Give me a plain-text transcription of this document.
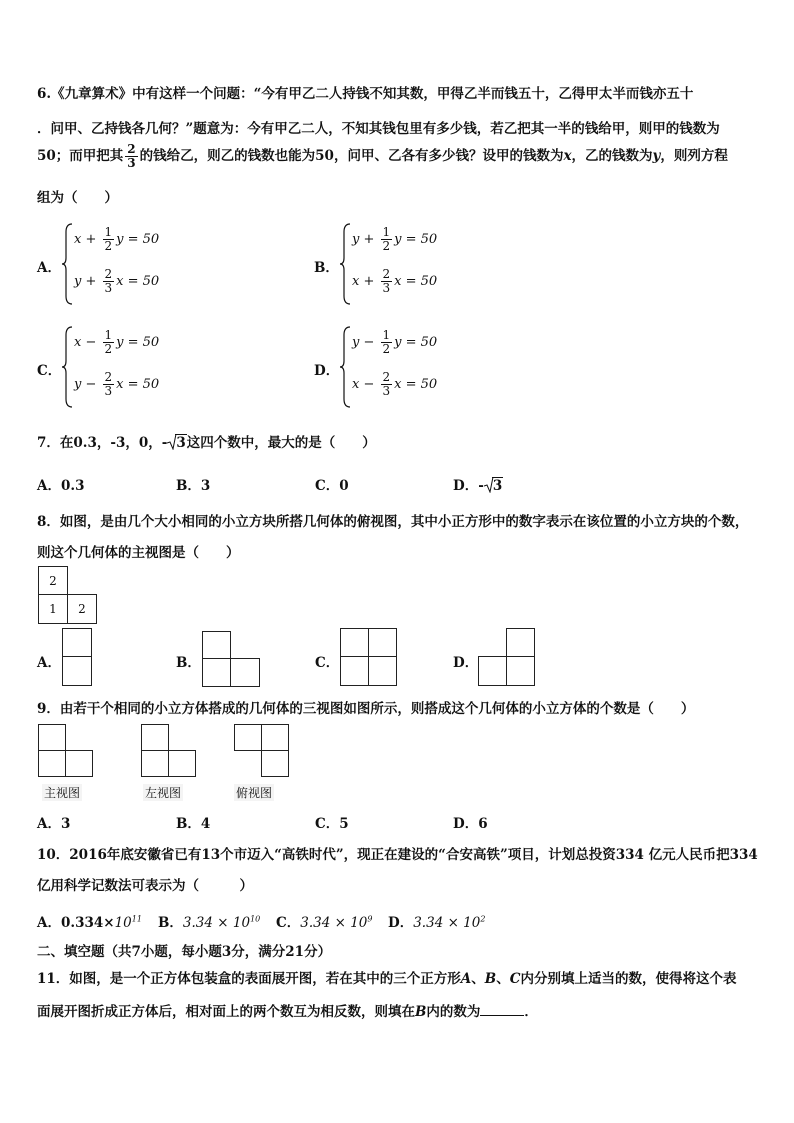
6.《九章算术》中有这样一个问题：“今有甲乙二人持钱不知其数，甲得乙半而钱五十，乙得甲太半而钱亦五十
．问甲、乙持钱各几何？”题意为：今有甲乙二人，不知其钱包里有多少钱，若乙把其一半的钱给甲，则甲的钱数为
50；而甲把其 $\frac{2}{3}$ 的钱给乙，则乙的钱数也能为50，问甲、乙各有多少钱？设甲的钱数为x，乙的钱数为y，则列方程
组为（　　）
A．
$x + \frac{1}{2}$ y = 50
$y + \frac{2}{3}$ x = 50
B．
$y + \frac{1}{2}$ y = 50
$x + \frac{2}{3}$ x = 50
C．
$x - \frac{1}{2}$ y = 50
$y - \frac{2}{3}$ x = 50
D．
$y - \frac{1}{2}$ y = 50
$x - \frac{2}{3}$ x = 50
7．在0.3，-3，0，- 3这四个数中，最大的是（　　）
A．0.3	B．3	C．0	D．- 3
8．如图，是由几个大小相同的小立方块所搭几何体的俯视图，其中小正方形中的数字表示在该位置的小立方块的个数，
则这个几何体的主视图是（　　）
2
1	2
A．	B．	C．	D．
9．由若干个相同的小立方体搭成的几何体的三视图如图所示，则搭成这个几何体的小立方体的个数是（　　）
主视图	左视图	俯视图
A．3	B．4	C．5	D．6
10．2016年底安徽省已有13个市迈入“高铁时代”，现正在建设的“合安高铁”项目，计划总投资334 亿元人民币把334
亿用科学记数法可表示为（　　　）
A．$0.334\times 10^{11}$ B．$3.34 \times 10^{10}$ C．$3.34 \times 10^9$ D．$3.34 \times 10^2$
二、填空题（共7小题，每小题3分，满分21分）
11．如图，是一个正方体包装盒的表面展开图，若在其中的三个正方形A、B、C内分别填上适当的数，使得将这个表
面展开图折成正方体后，相对面上的两个数互为相反数，则填在B内的数为	．
